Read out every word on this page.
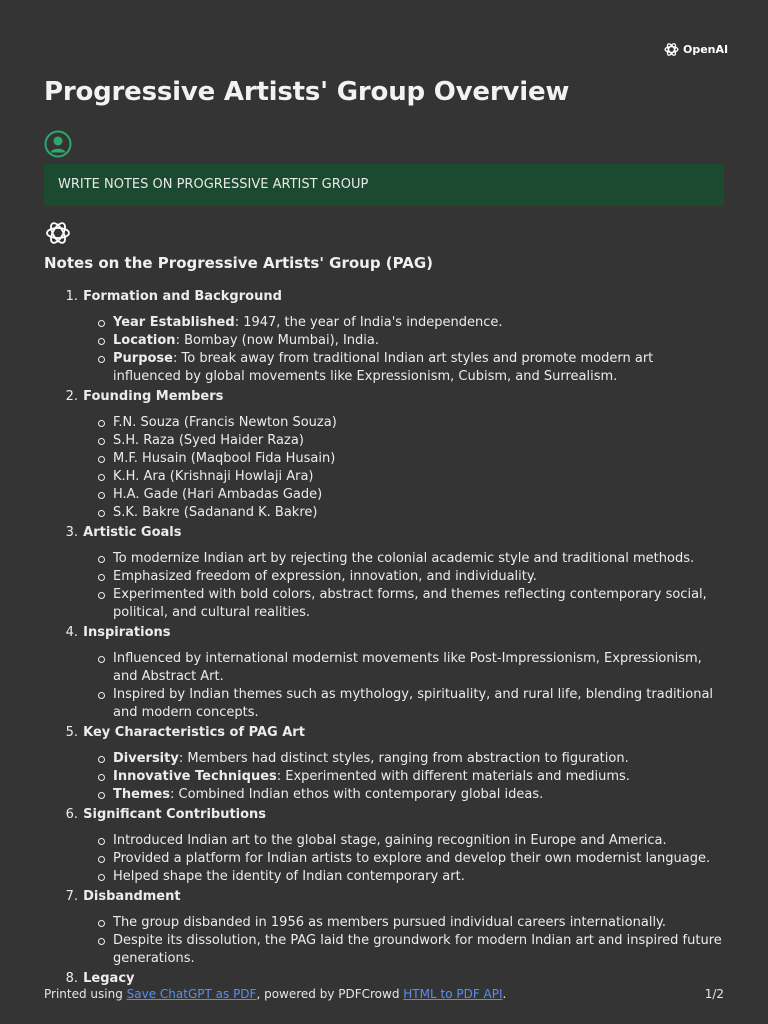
OpenAI
Progressive Artists' Group Overview
WRITE NOTES ON PROGRESSIVE ARTIST GROUP
Notes on the Progressive Artists' Group (PAG)
1.
Formation and Background
Year Established: 1947, the year of India's independence.
Location: Bombay (now Mumbai), India.
Purpose: To break away from traditional Indian art styles and promote modern art influenced by global movements like Expressionism, Cubism, and Surrealism.
2.
Founding Members
F.N. Souza (Francis Newton Souza)
S.H. Raza (Syed Haider Raza)
M.F. Husain (Maqbool Fida Husain)
K.H. Ara (Krishnaji Howlaji Ara)
H.A. Gade (Hari Ambadas Gade)
S.K. Bakre (Sadanand K. Bakre)
3.
Artistic Goals
To modernize Indian art by rejecting the colonial academic style and traditional methods.
Emphasized freedom of expression, innovation, and individuality.
Experimented with bold colors, abstract forms, and themes reflecting contemporary social, political, and cultural realities.
4.
Inspirations
Influenced by international modernist movements like Post-Impressionism, Expressionism, and Abstract Art.
Inspired by Indian themes such as mythology, spirituality, and rural life, blending traditional and modern concepts.
5.
Key Characteristics of PAG Art
Diversity: Members had distinct styles, ranging from abstraction to figuration.
Innovative Techniques: Experimented with different materials and mediums.
Themes: Combined Indian ethos with contemporary global ideas.
6.
Significant Contributions
Introduced Indian art to the global stage, gaining recognition in Europe and America.
Provided a platform for Indian artists to explore and develop their own modernist language.
Helped shape the identity of Indian contemporary art.
7.
Disbandment
The group disbanded in 1956 as members pursued individual careers internationally.
Despite its dissolution, the PAG laid the groundwork for modern Indian art and inspired future generations.
8.
Legacy
Printed using Save ChatGPT as PDF, powered by PDFCrowd HTML to PDF API.	1/2
